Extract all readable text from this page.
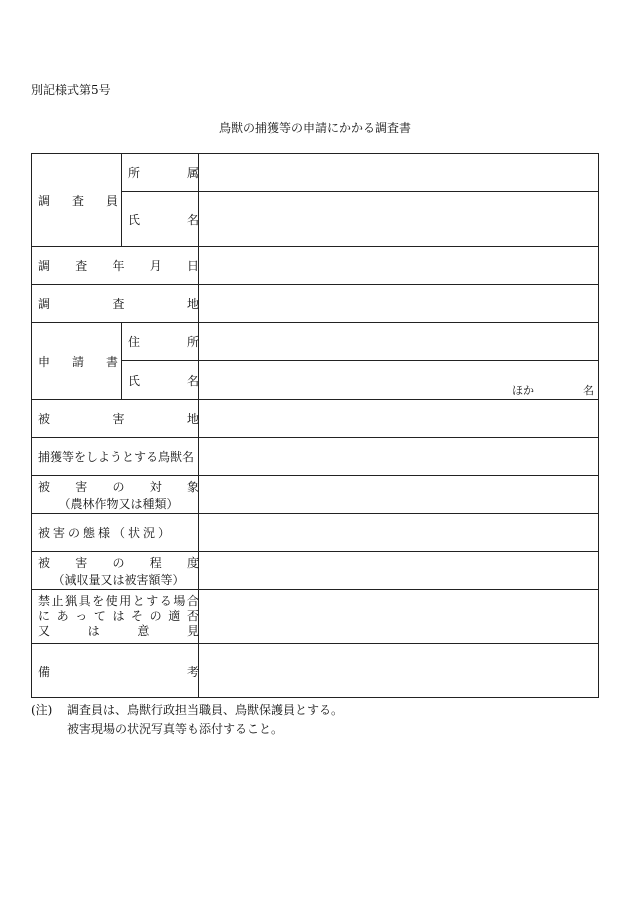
別記様式第5号
鳥獣の捕獲等の申請にかかる調査書
調 査 員
所	属
氏	名
調 査 年 月 日
調	査	地
申 請 書
住	所
氏	名
ほか	名
被	害	地
捕獲等をしようとする鳥獣名
被 害 の 対 象
（農林作物又は種類）
被害の態様（状況）
被 害 の 程 度
（減収量又は被害額等）
禁 止 猟 具 を 使 用 と す る 場 合
に あ っ て は そ の 適 否
又	は	意	見
備	考
(注) 調査員は、鳥獣行政担当職員、鳥獣保護員とする。
被害現場の状況写真等も添付すること。
